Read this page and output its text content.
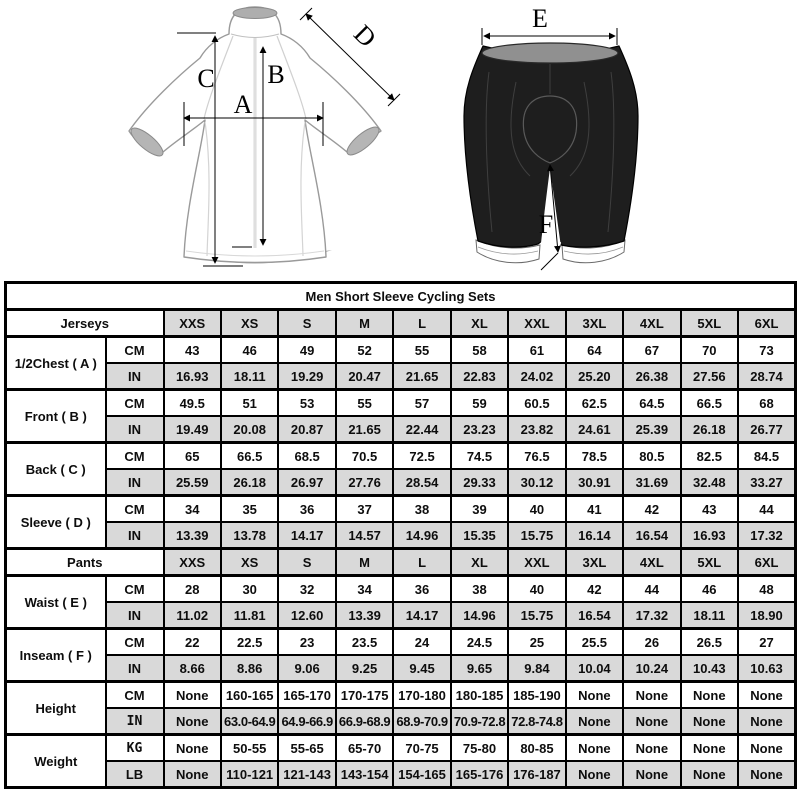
A
B
C
D
E
F
Men Short Sleeve Cycling Sets												
Jerseys		XXS	XS	S	M	L	XL	XXL	3XL	4XL	5XL	6XL
1/2Chest ( A )	CM	43	46	49	52	55	58	61	64	67	70	73
	IN	16.93	18.11	19.29	20.47	21.65	22.83	24.02	25.20	26.38	27.56	28.74
Front ( B )	CM	49.5	51	53	55	57	59	60.5	62.5	64.5	66.5	68
	IN	19.49	20.08	20.87	21.65	22.44	23.23	23.82	24.61	25.39	26.18	26.77
Back ( C )	CM	65	66.5	68.5	70.5	72.5	74.5	76.5	78.5	80.5	82.5	84.5
	IN	25.59	26.18	26.97	27.76	28.54	29.33	30.12	30.91	31.69	32.48	33.27
Sleeve ( D )	CM	34	35	36	37	38	39	40	41	42	43	44
	IN	13.39	13.78	14.17	14.57	14.96	15.35	15.75	16.14	16.54	16.93	17.32
Pants		XXS	XS	S	M	L	XL	XXL	3XL	4XL	5XL	6XL
Waist ( E )	CM	28	30	32	34	36	38	40	42	44	46	48
	IN	11.02	11.81	12.60	13.39	14.17	14.96	15.75	16.54	17.32	18.11	18.90
Inseam ( F )	CM	22	22.5	23	23.5	24	24.5	25	25.5	26	26.5	27
	IN	8.66	8.86	9.06	9.25	9.45	9.65	9.84	10.04	10.24	10.43	10.63
Height	CM	None	160-165	165-170	170-175	170-180	180-185	185-190	None	None	None	None
	IN	None	63.0-64.9	64.9-66.9	66.9-68.9	68.9-70.9	70.9-72.8	72.8-74.8	None	None	None	None
Weight	KG	None	50-55	55-65	65-70	70-75	75-80	80-85	None	None	None	None
	LB	None	110-121	121-143	143-154	154-165	165-176	176-187	None	None	None	None
